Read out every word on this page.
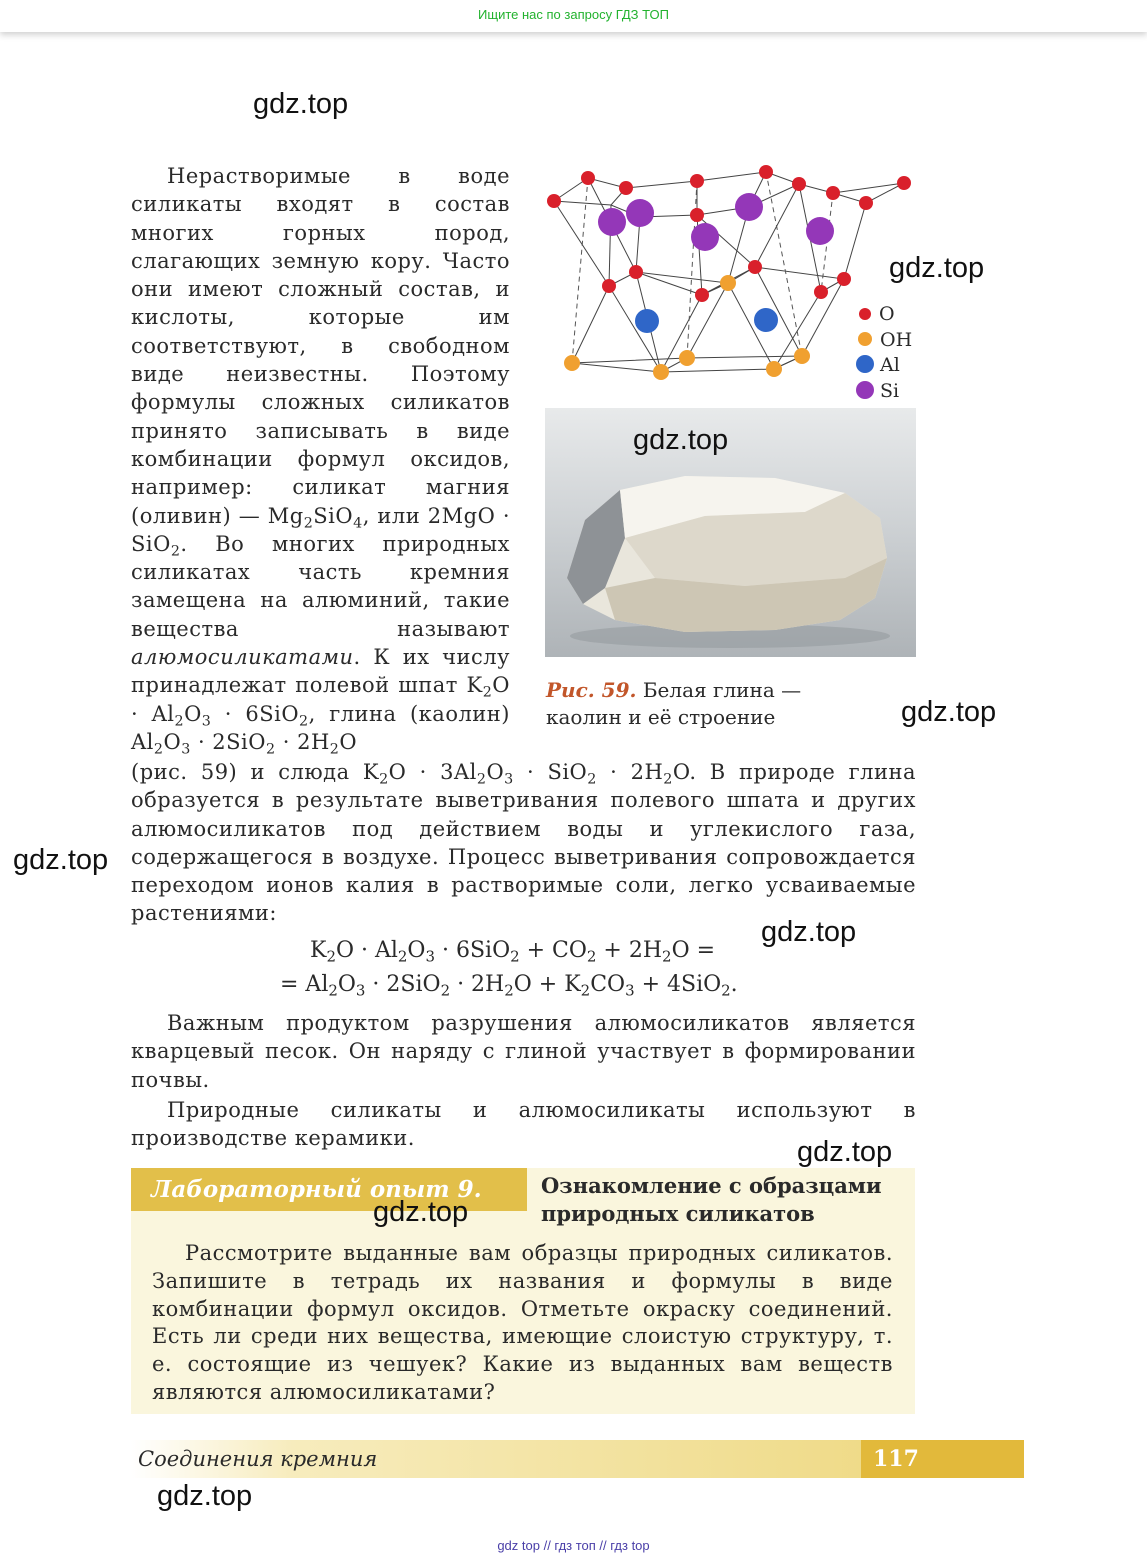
Ищите нас по запросу ГДЗ ТОП

Нерастворимые в воде силикаты входят в состав многих горных пород, слагающих земную кору. Часто они имеют сложный состав, и кислоты, которые им соответствуют, в свободном виде неизвестны. Поэтому формулы сложных силикатов принято записывать в виде комбинации формул оксидов, например: силикат магния (оливин) — $Mg_2SiO_4$, или 2MgO · SiO$_2$. Во многих природных силикатах часть кремния замещена на алюминий, такие вещества называют алюмосиликатами. К их числу принадлежат полевой шпат $K_2O \cdot Al_2O_3 \cdot 6SiO_2$, глина (каолин) $Al_2O_3 \cdot 2SiO_2 \cdot 2H_2O$

O
OH
Al
Si
Рис. 59. Белая глина —
каолин и её строение

(рис. 59) и слюда $K_2O \cdot 3Al_2O_3 \cdot SiO_2 \cdot 2H_2O$. В природе глина образуется в результате выветривания полевого шпата и других алюмосиликатов под действием воды и углекислого газа, содержащегося в воздухе. Процесс выветривания сопровождается переходом ионов калия в растворимые соли, легко усваиваемые растениями:

$K_2O \cdot Al_2O_3 \cdot 6SiO_2 + CO_2 + 2H_2O$ =
= $Al_2O_3 \cdot 2SiO_2 \cdot 2H_2O + K_2CO_3 + 4SiO_2$.

Важным продуктом разрушения алюмосиликатов является кварцевый песок. Он наряду с глиной участвует в формировании почвы.

Природные силикаты и алюмосиликаты используют в производстве керамики.

Лабораторный опыт 9.	Ознакомление с образцами
природных силикатов

Рассмотрите выданные вам образцы природных силикатов. Запишите в тетрадь их названия и формулы в виде комбинации формул оксидов. Отметьте окраску соединений. Есть ли среди них вещества, имеющие слоистую структуру, т. е. состоящие из чешуек? Какие из выданных вам веществ являются алюмосиликатами?

Соединения кремния	117
gdz top // гдз топ // гдз top
gdz.top
gdz.top
gdz.top
gdz.top
gdz.top
gdz.top
gdz.top
gdz.top
gdz.top
